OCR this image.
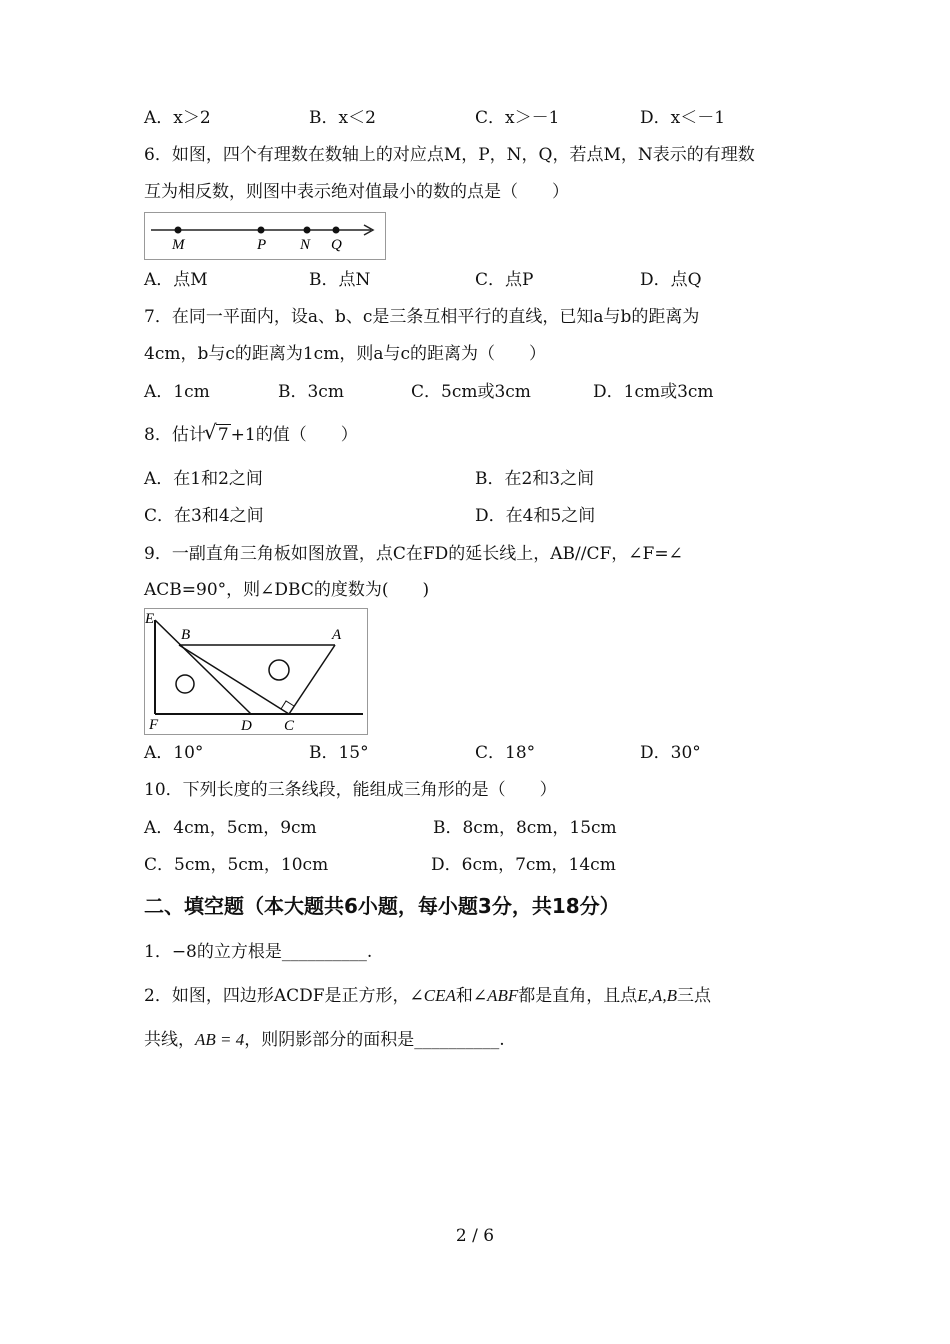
A．x＞2	B．x＜2	C．x＞－1	D．x＜－1
6．如图，四个有理数在数轴上的对应点M，P，N，Q，若点M，N表示的有理数
互为相反数，则图中表示绝对值最小的数的点是（　　）
M	P N Q
A．点M	B．点N	C．点P	D．点Q
7．在同一平面内，设a、b、c是三条互相平行的直线，已知a与b的距离为
4cm，b与c的距离为1cm，则a与c的距离为（　　）
A．1cm	B．3cm	C．5cm或3cm	D．1cm或3cm
8．估计
√ 7 +1的值（　　）
A．在1和2之间	B．在2和3之间
C．在3和4之间	D．在4和5之间
9．一副直角三角板如图放置，点C在FD的延长线上，AB//CF，∠F=∠
ACB=90°，则∠DBC的度数为(　　)
E
B	A
F	D C
A．10°	B．15°	C．18°	D．30°
10．下列长度的三条线段，能组成三角形的是（　　）
A．4cm，5cm，9cm	B．8cm，8cm，15cm
C．5cm，5cm，10cm	D．6cm，7cm，14cm
二、填空题（本大题共6小题，每小题3分，共18分）
1．−8的立方根是__________.
2．如图，四边形ACDF是正方形，∠CEA和∠ABF都是直角，且点E,A,B三点
共线，AB = 4，则阴影部分的面积是__________.
2 / 6
